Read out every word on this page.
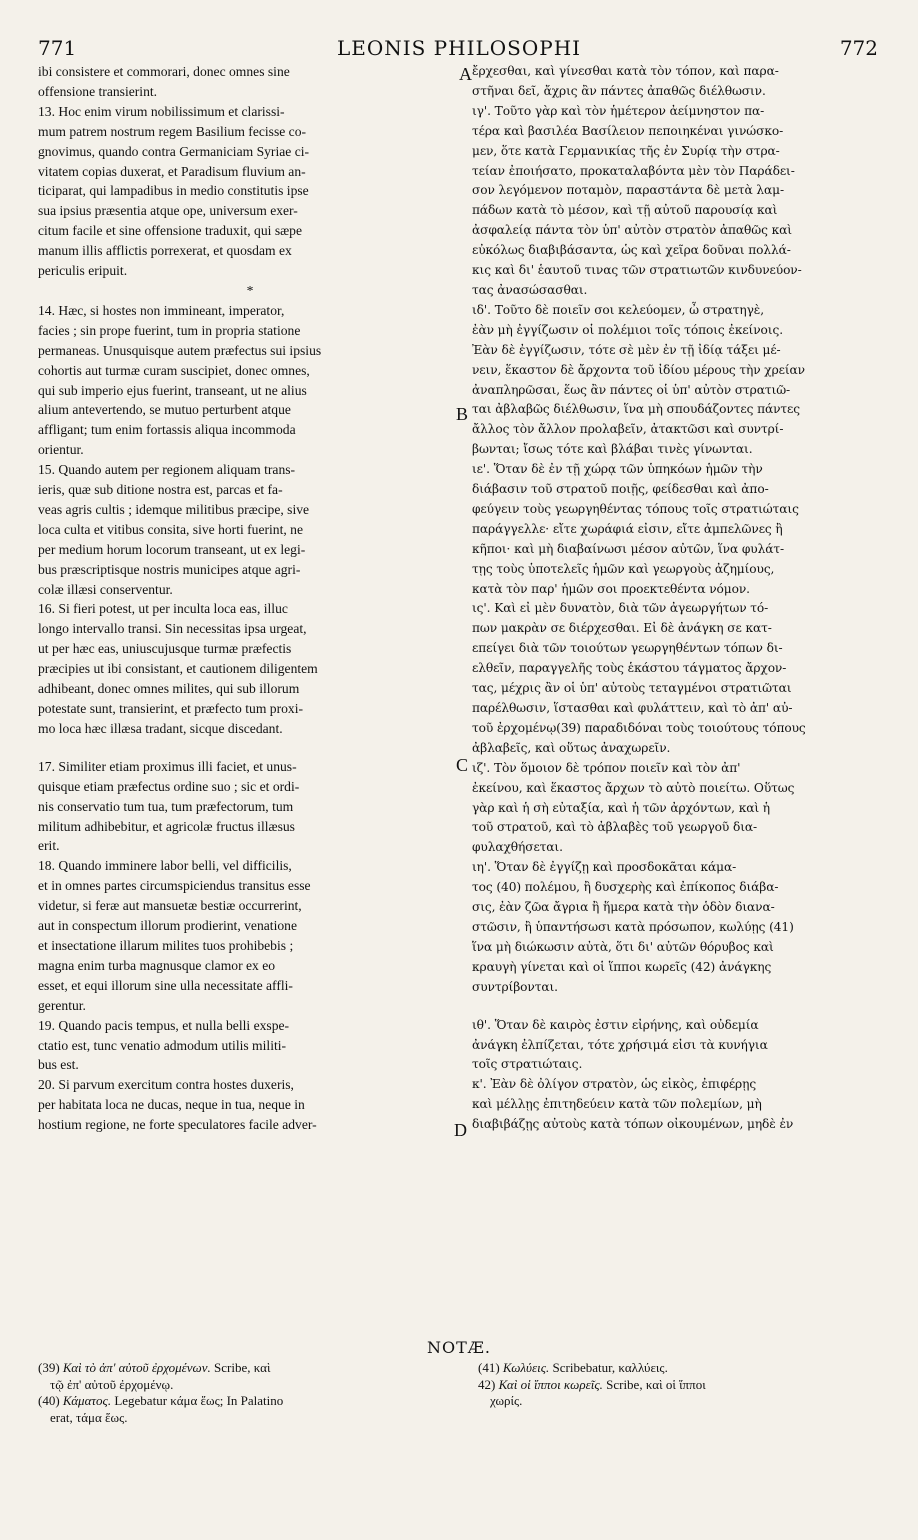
771	LEONIS PHILOSOPHI	772

ibi consistere et commorari, donec omnes sine

offensione transierint.

13. Hoc enim virum nobilissimum et clarissi-

mum patrem nostrum regem Basilium fecisse co-

gnovimus, quando contra Germaniciam Syriae ci-

vitatem copias duxerat, et Paradisum fluvium an-

ticiparat, qui lampadibus in medio constitutis ipse

sua ipsius præsentia atque ope, universum exer-

citum facile et sine offensione traduxit, qui sæpe

manum illis afflictis porrexerat, et quosdam ex

periculis eripuit.

*

14. Hæc, si hostes non immineant, imperator,

facies ; sin prope fuerint, tum in propria statione

permaneas. Unusquisque autem præfectus sui ipsius

cohortis aut turmæ curam suscipiet, donec omnes,

qui sub imperio ejus fuerint, transeant, ut ne alius

alium antevertendo, se mutuo perturbent atque

affligant; tum enim fortassis aliqua incommoda

orientur.

15. Quando autem per regionem aliquam trans-

ieris, quæ sub ditione nostra est, parcas et fa-

veas agris cultis ; idemque militibus præcipe, sive

loca culta et vitibus consita, sive horti fuerint, ne

per medium horum locorum transeant, ut ex legi-

bus præscriptisque nostris municipes atque agri-

colæ illæsi conserventur.

16. Si fieri potest, ut per inculta loca eas, illuc

longo intervallo transi. Sin necessitas ipsa urgeat,

ut per hæc eas, uniuscujusque turmæ præfectis

præcipies ut ibi consistant, et cautionem diligentem

adhibeant, donec omnes milites, qui sub illorum

potestate sunt, transierint, et præfecto tum proxi-

mo loca hæc illæsa tradant, sicque discedant.

17. Similiter etiam proximus illi faciet, et unus-

quisque etiam præfectus ordine suo ; sic et ordi-

nis conservatio tum tua, tum præfectorum, tum

militum adhibebitur, et agricolæ fructus illæsus

erit.

18. Quando imminere labor belli, vel difficilis,

et in omnes partes circumspiciendus transitus esse

videtur, si feræ aut mansuetæ bestiæ occurrerint,

aut in conspectum illorum prodierint, venatione

et insectatione illarum milites tuos prohibebis ;

magna enim turba magnusque clamor ex eo

esset, et equi illorum sine ulla necessitate affli-

gerentur.

19. Quando pacis tempus, et nulla belli exspe-

ctatio est, tunc venatio admodum utilis militi-

bus est.

20. Si parvum exercitum contra hostes duxeris,

per habitata loca ne ducas, neque in tua, neque in

hostium regione, ne forte speculatores facile adver-

ἔρχεσθαι, καὶ γίνεσθαι κατὰ τὸν τόπον, καὶ παρα-

στῆναι δεῖ, ἄχρις ἂν πάντες ἀπαθῶς διέλθωσιν.

ιγ'. Τοῦτο γὰρ καὶ τὸν ἡμέτερον ἀείμνηστον πα-

τέρα καὶ βασιλέα Βασίλειον πεποιηκέναι γινώσκο-

μεν, ὅτε κατὰ Γερμανικίας τῆς ἐν Συρίᾳ τὴν στρα-

τείαν ἐποιήσατο, προκαταλαβόντα μὲν τὸν Παράδει-

σον λεγόμενον ποταμὸν, παραστάντα δὲ μετὰ λαμ-

πάδων κατὰ τὸ μέσον, καὶ τῇ αὐτοῦ παρουσίᾳ καὶ

ἀσφαλείᾳ πάντα τὸν ὑπ' αὐτὸν στρατὸν ἀπαθῶς καὶ

εὐκόλως διαβιβάσαντα, ὡς καὶ χεῖρα δοῦναι πολλά-

κις καὶ δι' ἑαυτοῦ τινας τῶν στρατιωτῶν κινδυνεύον-

τας ἀνασώσασθαι.

ιδ'. Τοῦτο δὲ ποιεῖν σοι κελεύομεν, ὦ στρατηγὲ,

ἐὰν μὴ ἐγγίζωσιν οἱ πολέμιοι τοῖς τόποις ἐκείνοις.

Ἐὰν δὲ ἐγγίζωσιν, τότε σὲ μὲν ἐν τῇ ἰδίᾳ τάξει μέ-

νειν, ἕκαστον δὲ ἄρχοντα τοῦ ἰδίου μέρους τὴν χρείαν

ἀναπληρῶσαι, ἕως ἂν πάντες οἱ ὑπ' αὐτὸν στρατιῶ-

ται ἀβλαβῶς διέλθωσιν, ἵνα μὴ σπουδάζοντες πάντες

ἄλλος τὸν ἄλλον προλαβεῖν, ἀτακτῶσι καὶ συντρί-

βωνται; ἴσως τότε καὶ βλάβαι τινὲς γίνωνται.

ιε'. Ὅταν δὲ ἐν τῇ χώρᾳ τῶν ὑπηκόων ἡμῶν τὴν

διάβασιν τοῦ στρατοῦ ποιῇς, φείδεσθαι καὶ ἀπο-

φεύγειν τοὺς γεωργηθέντας τόπους τοῖς στρατιώταις

παράγγελλε· εἴτε χωράφιά εἰσιν, εἴτε ἀμπελῶνες ἢ

κῆποι· καὶ μὴ διαβαίνωσι μέσον αὐτῶν, ἵνα φυλάτ-

τῃς τοὺς ὑποτελεῖς ἡμῶν καὶ γεωργοὺς ἀζημίους,

κατὰ τὸν παρ' ἡμῶν σοι προεκτεθέντα νόμον.

ις'. Καὶ εἰ μὲν δυνατὸν, διὰ τῶν ἀγεωργήτων τό-

πων μακρὰν σε διέρχεσθαι. Εἰ δὲ ἀνάγκη σε κατ-

επείγει διὰ τῶν τοιούτων γεωργηθέντων τόπων δι-

ελθεῖν, παραγγελῆς τοὺς ἑκάστου τάγματος ἄρχον-

τας, μέχρις ἂν οἱ ὑπ' αὐτοὺς τεταγμένοι στρατιῶται

παρέλθωσιν, ἵστασθαι καὶ φυλάττειν, καὶ τὸ ἀπ' αὐ-

τοῦ ἐρχομένῳ(39) παραδιδόναι τοὺς τοιούτους τόπους

ἀβλαβεῖς, καὶ οὕτως ἀναχωρεῖν.

ιζ'. Τὸν ὅμοιον δὲ τρόπον ποιεῖν καὶ τὸν ἀπ'

ἐκείνου, καὶ ἕκαστος ἄρχων τὸ αὐτὸ ποιείτω. Οὕτως

γὰρ καὶ ἡ σὴ εὐταξία, καὶ ἡ τῶν ἀρχόντων, καὶ ἡ

τοῦ στρατοῦ, καὶ τὸ ἀβλαβὲς τοῦ γεωργοῦ δια-

φυλαχθήσεται.

ιη'. Ὅταν δὲ ἐγγίζῃ καὶ προσδοκᾶται κάμα-

τος (40) πολέμου, ἢ δυσχερὴς καὶ ἐπίκοπος διάβα-

σις, ἐὰν ζῶα ἄγρια ἢ ἥμερα κατὰ τὴν ὁδὸν διανα-

στῶσιν, ἢ ὑπαντήσωσι κατὰ πρόσωπον, κωλύῃς (41)

ἵνα μὴ διώκωσιν αὐτὰ, ὅτι δι' αὐτῶν θόρυβος καὶ

κραυγὴ γίνεται καὶ οἱ ἵπποι κωρεῖς (42) ἀνάγκης

συντρίβονται.

ιθ'. Ὅταν δὲ καιρὸς ἐστιν εἰρήνης, καὶ οὐδεμία

ἀνάγκη ἐλπίζεται, τότε χρήσιμά εἰσι τὰ κυνήγια

τοῖς στρατιώταις.

κ'. Ἐὰν δὲ ὀλίγον στρατὸν, ὡς εἰκὸς, ἐπιφέρῃς

καὶ μέλλῃς ἐπιτηδεύειν κατὰ τῶν πολεμίων, μὴ

διαβιβάζῃς αὐτοὺς κατὰ τόπων οἰκουμένων, μηδὲ ἐν

A
B
C
D
NOTÆ.

(39) Καὶ τὸ ἀπ' αὐτοῦ ἐρχομένων. Scribe, καὶ

τῷ ἐπ' αὐτοῦ ἐρχομένῳ.

(40) Κάματος. Legebatur κάμα ἕως; In Palatino

erat, τάμα ἕως.

(41) Κωλύεις. Scribebatur, καλλύεις.

42) Καὶ οἱ ἵπποι κωρεῖς. Scribe, καὶ οἱ ἵπποι

χωρίς.
